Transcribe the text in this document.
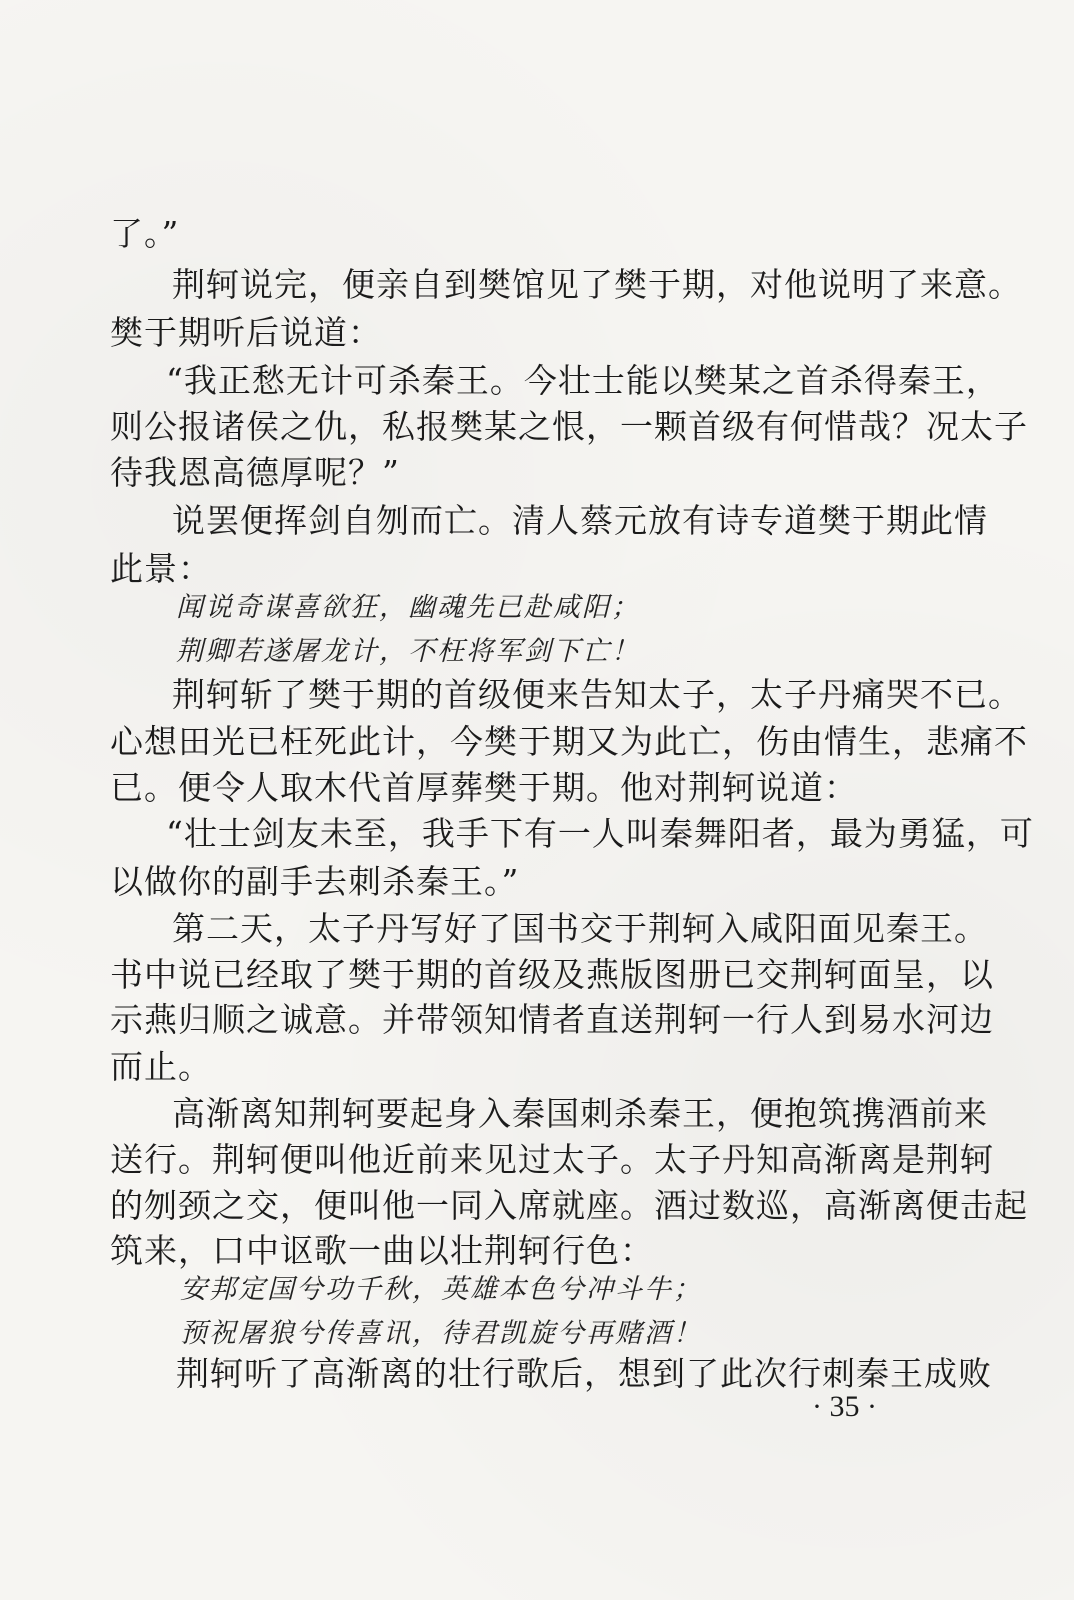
了。”
荆轲说完，便亲自到樊馆见了樊于期，对他说明了来意。
樊于期听后说道：
“我正愁无计可杀秦王。今壮士能以樊某之首杀得秦王，
则公报诸侯之仇，私报樊某之恨，一颗首级有何惜哉？况太子
待我恩高德厚呢？”
说罢便挥剑自刎而亡。清人蔡元放有诗专道樊于期此情
此景：
闻说奇谋喜欲狂，幽魂先已赴咸阳；
荆卿若遂屠龙计，不枉将军剑下亡！
荆轲斩了樊于期的首级便来告知太子，太子丹痛哭不已。
心想田光已枉死此计，今樊于期又为此亡，伤由情生，悲痛不
已。便令人取木代首厚葬樊于期。他对荆轲说道：
“壮士剑友未至，我手下有一人叫秦舞阳者，最为勇猛，可
以做你的副手去刺杀秦王。”
第二天，太子丹写好了国书交于荆轲入咸阳面见秦王。
书中说已经取了樊于期的首级及燕版图册已交荆轲面呈，以
示燕归顺之诚意。并带领知情者直送荆轲一行人到易水河边
而止。
高渐离知荆轲要起身入秦国刺杀秦王，便抱筑携酒前来
送行。荆轲便叫他近前来见过太子。太子丹知高渐离是荆轲
的刎颈之交，便叫他一同入席就座。酒过数巡，高渐离便击起
筑来，口中讴歌一曲以壮荆轲行色：
安邦定国兮功千秋，英雄本色兮冲斗牛；
预祝屠狼兮传喜讯，待君凯旋兮再赌酒！
荆轲听了高渐离的壮行歌后，想到了此次行刺秦王成败
· 35 ·
